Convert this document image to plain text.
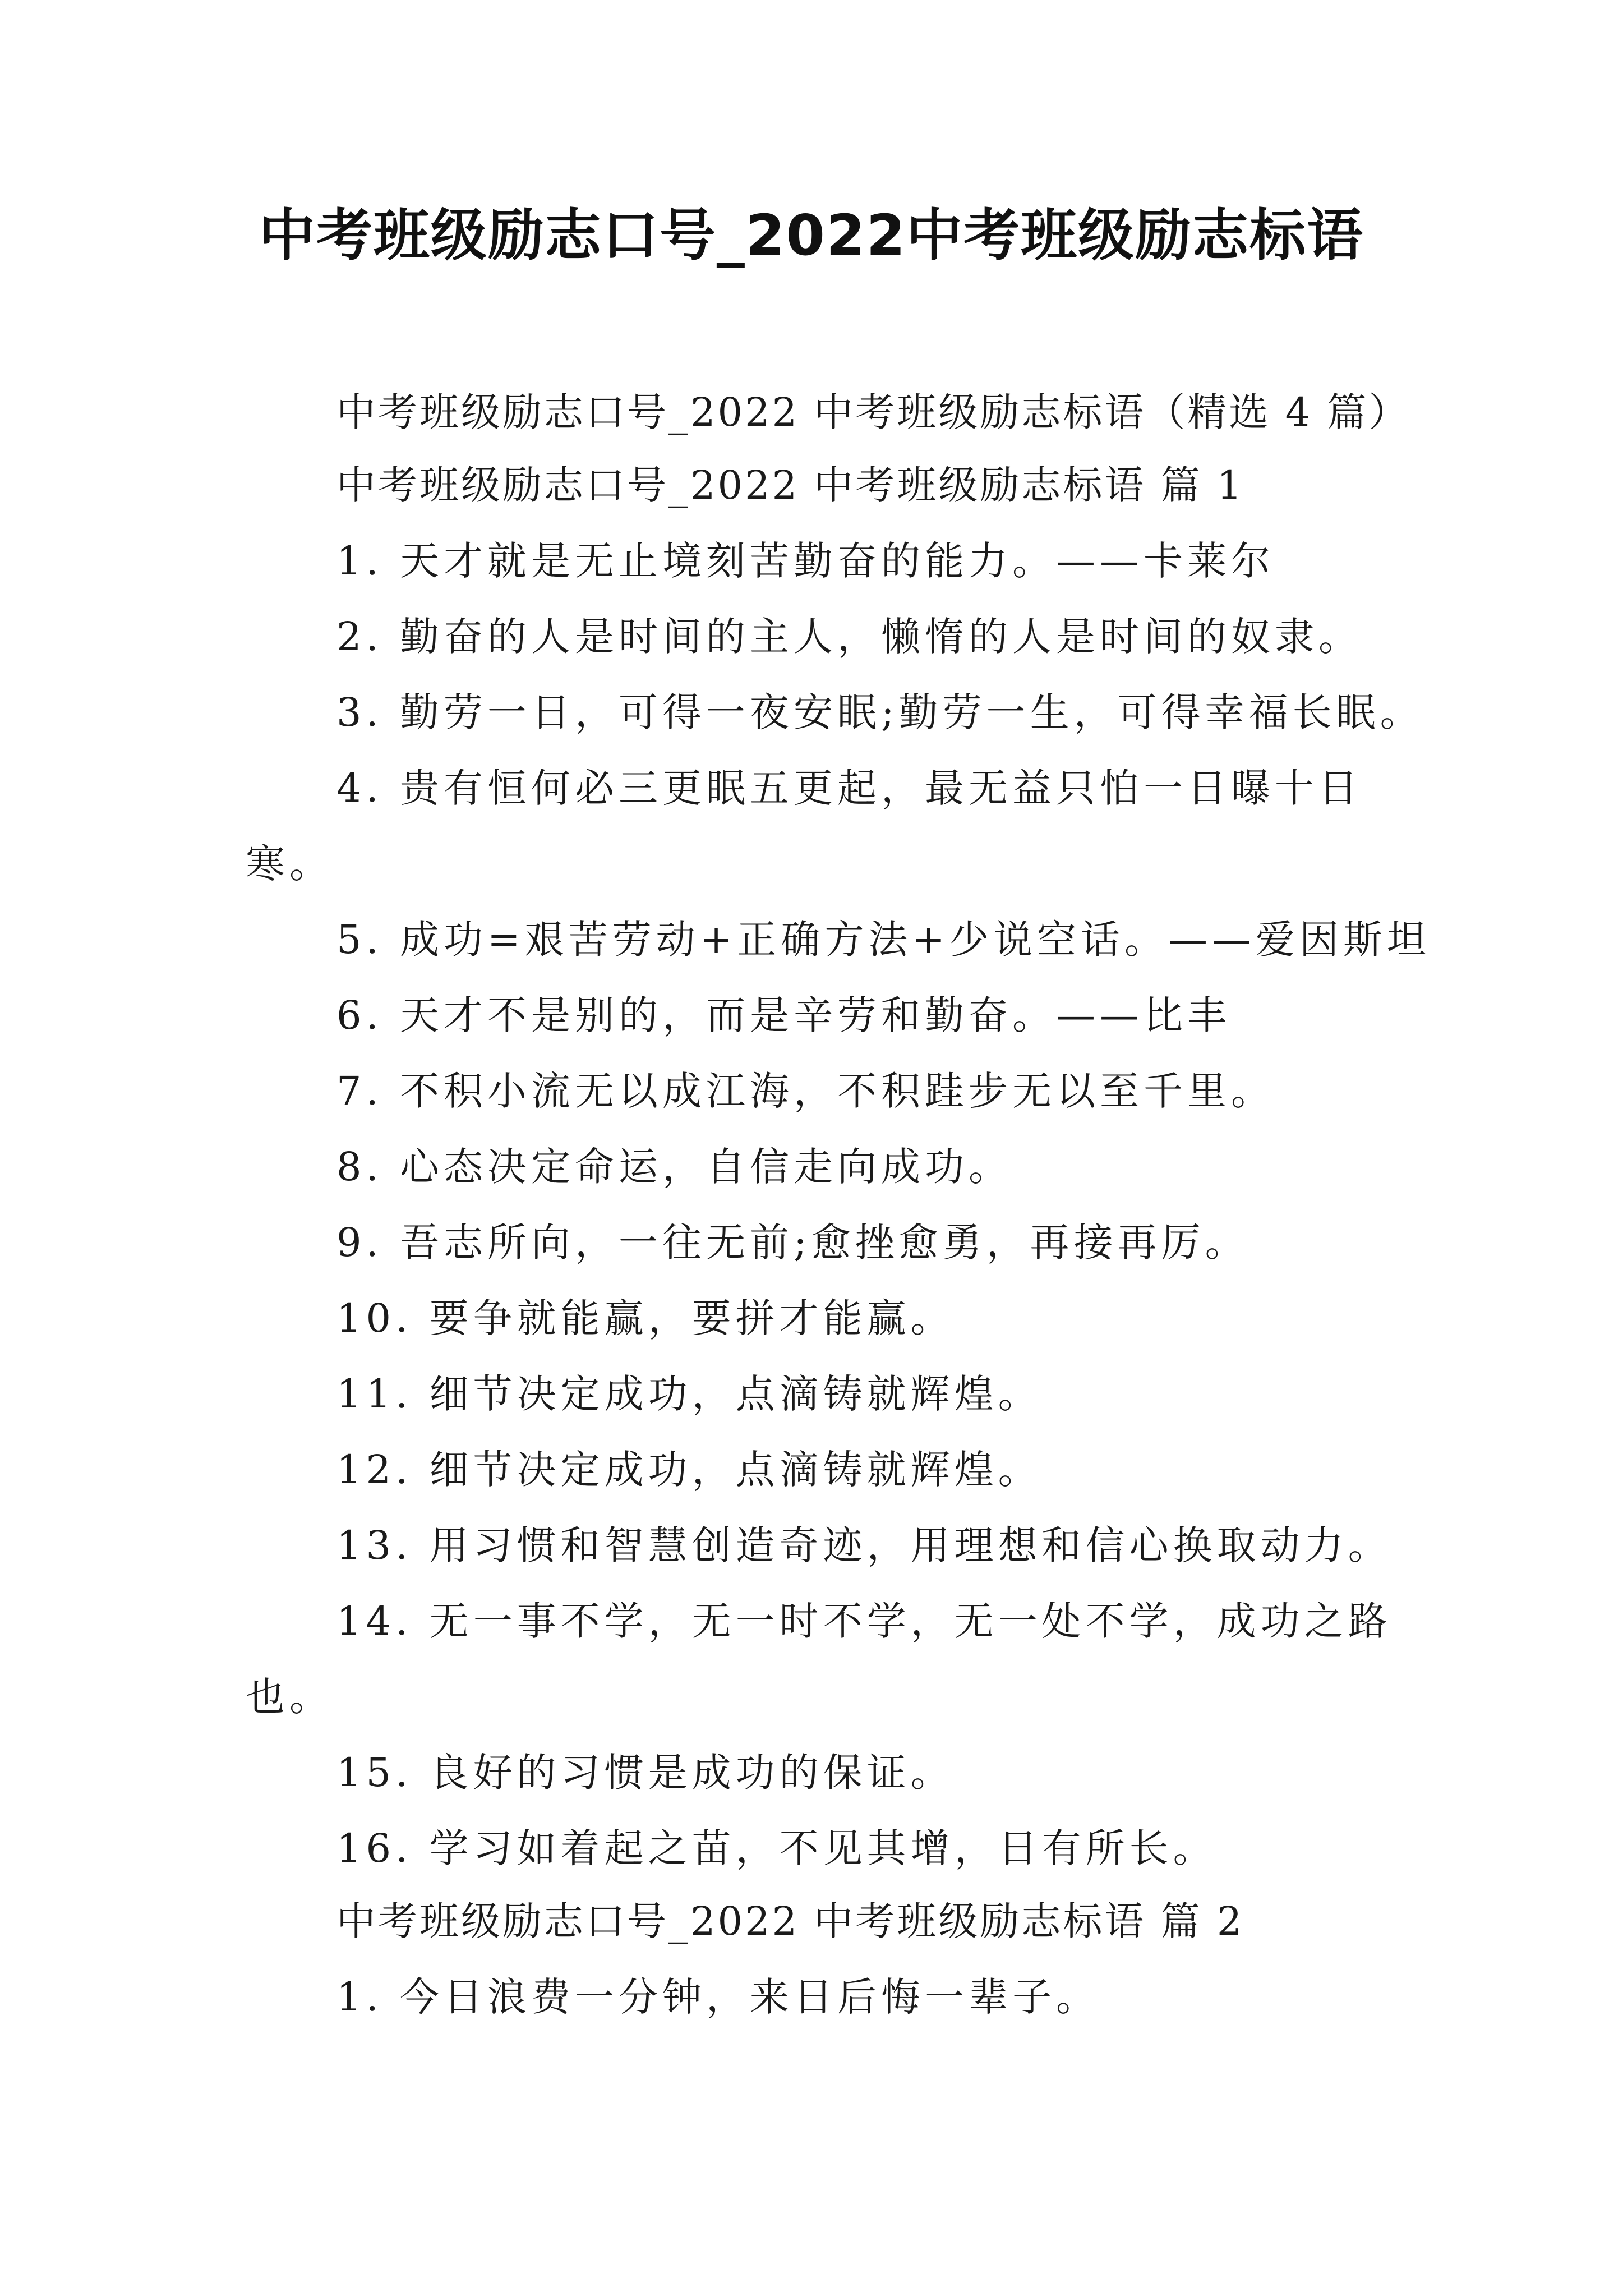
中考班级励志口号_2022中考班级励志标语
中考班级励志口号_2022 中考班级励志标语（精选 4 篇）
中考班级励志口号_2022 中考班级励志标语 篇 1
1. 天才就是无止境刻苦勤奋的能力。——卡莱尔
2. 勤奋的人是时间的主人，懒惰的人是时间的奴隶。
3. 勤劳一日，可得一夜安眠;勤劳一生，可得幸福长眠。
4. 贵有恒何必三更眠五更起，最无益只怕一日曝十日
寒。
5. 成功=艰苦劳动+正确方法+少说空话。——爱因斯坦
6. 天才不是别的，而是辛劳和勤奋。——比丰
7. 不积小流无以成江海，不积跬步无以至千里。
8. 心态决定命运，自信走向成功。
9. 吾志所向，一往无前;愈挫愈勇，再接再厉。
10. 要争就能赢，要拼才能赢。
11. 细节决定成功，点滴铸就辉煌。
12. 细节决定成功，点滴铸就辉煌。
13. 用习惯和智慧创造奇迹，用理想和信心换取动力。
14. 无一事不学，无一时不学，无一处不学，成功之路
也。
15. 良好的习惯是成功的保证。
16. 学习如着起之苗，不见其增，日有所长。
中考班级励志口号_2022 中考班级励志标语 篇 2
1. 今日浪费一分钟，来日后悔一辈子。
